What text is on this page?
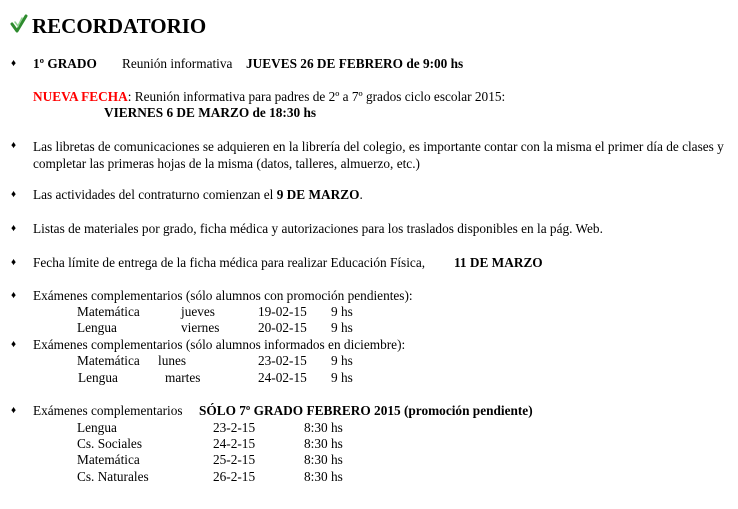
RECORDATORIO
♦ 1º GRADO Reunión informativa JUEVES 26 DE FEBRERO de 9:00 hs
NUEVA FECHA: Reunión informativa para padres de 2º a 7º grados ciclo escolar 2015:
VIERNES 6 DE MARZO de 18:30 hs
♦ Las libretas de comunicaciones se adquieren en la librería del colegio, es importante contar con la misma el primer día de clases y completar las primeras hojas de la misma (datos, talleres, almuerzo, etc.)
♦ Las actividades del contraturno comienzan el 9 DE MARZO.
♦ Listas de materiales por grado, ficha médica y autorizaciones para los traslados disponibles en la pág. Web.
♦ Fecha límite de entrega de la ficha médica para realizar Educación Física, 11 DE MARZO
♦ Exámenes complementarios (sólo alumnos con promoción pendientes):
Matemática	jueves	19-02-15 9 hs
Lengua	viernes	20-02-15 9 hs
♦ Exámenes complementarios (sólo alumnos informados en diciembre):
Matemática lunes	23-02-15 9 hs
Lengua	martes	24-02-15 9 hs
♦ Exámenes complementarios SÓLO 7º GRADO FEBRERO 2015 (promoción pendiente)
Lengua	23-2-15	8:30 hs
Cs. Sociales	24-2-15	8:30 hs
Matemática	25-2-15	8:30 hs
Cs. Naturales	26-2-15	8:30 hs
